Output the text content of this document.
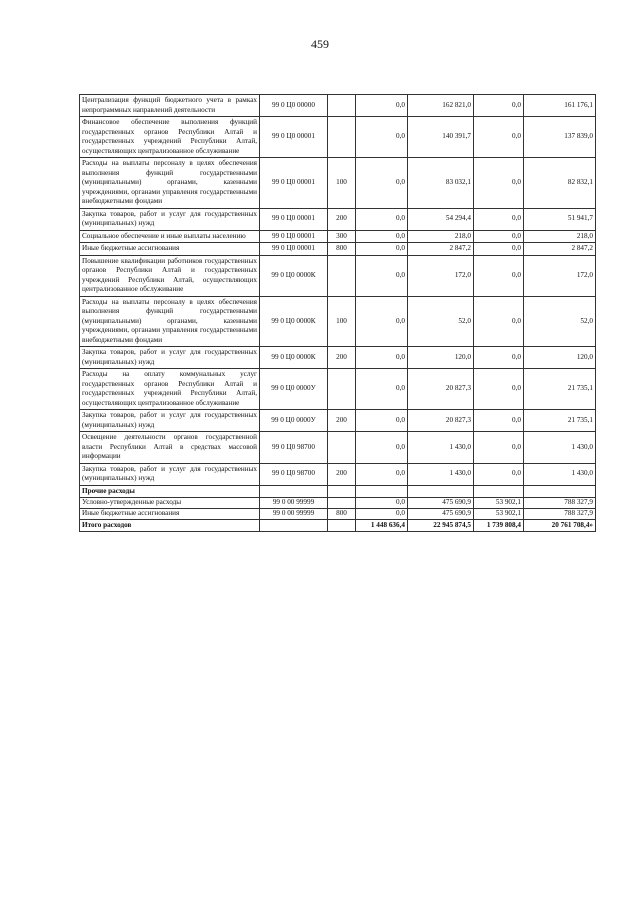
459
Централизация функций бюджетного учета в рамках непрограммных направлений деятельности	99 0 Ц0 00000		0,0	162 821,0	0,0	161 176,1
Финансовое обеспечение выполнения функций государственных органов Республики Алтай и государственных учреждений Республики Алтай, осуществляющих централизованное обслуживание	99 0 Ц0 00001		0,0	140 391,7	0,0	137 839,0
Расходы на выплаты персоналу в целях обеспечения выполнения функций государственными (муниципальными) органами, казенными учреждениями, органами управления государственными внебюджетными фондами	99 0 Ц0 00001	100	0,0	83 032,1	0,0	82 832,1
Закупка товаров, работ и услуг для государственных (муниципальных) нужд	99 0 Ц0 00001	200	0,0	54 294,4	0,0	51 941,7
Социальное обеспечение и иные выплаты населению	99 0 Ц0 00001	300	0,0	218,0	0,0	218,0
Иные бюджетные ассигнования	99 0 Ц0 00001	800	0,0	2 847,2	0,0	2 847,2
Повышение квалификации работников государственных органов Республики Алтай и государственных учреждений Республики Алтай, осуществляющих централизованное обслуживание	99 0 Ц0 0000К		0,0	172,0	0,0	172,0
Расходы на выплаты персоналу в целях обеспечения выполнения функций государственными (муниципальными) органами, казенными учреждениями, органами управления государственными внебюджетными фондами	99 0 Ц0 0000К	100	0,0	52,0	0,0	52,0
Закупка товаров, работ и услуг для государственных (муниципальных) нужд	99 0 Ц0 0000К	200	0,0	120,0	0,0	120,0
Расходы на оплату коммунальных услуг государственных органов Республики Алтай и государственных учреждений Республики Алтай, осуществляющих централизованное обслуживание	99 0 Ц0 0000У		0,0	20 827,3	0,0	21 735,1
Закупка товаров, работ и услуг для государственных (муниципальных) нужд	99 0 Ц0 0000У	200	0,0	20 827,3	0,0	21 735,1
Освещение деятельности органов государственной власти Республики Алтай в средствах массовой информации	99 0 Ц0 98700		0,0	1 430,0	0,0	1 430,0
Закупка товаров, работ и услуг для государственных (муниципальных) нужд	99 0 Ц0 98700	200	0,0	1 430,0	0,0	1 430,0
Прочие расходы						
Условно-утвержденные расходы	99 0 00 99999		0,0	475 690,9	53 902,1	788 327,9
Иные бюджетные ассигнования	99 0 00 99999	800	0,0	475 690,9	53 902,1	788 327,9
Итого расходов			1 448 636,4	22 945 874,5	1 739 808,4	20 761 708,4»
